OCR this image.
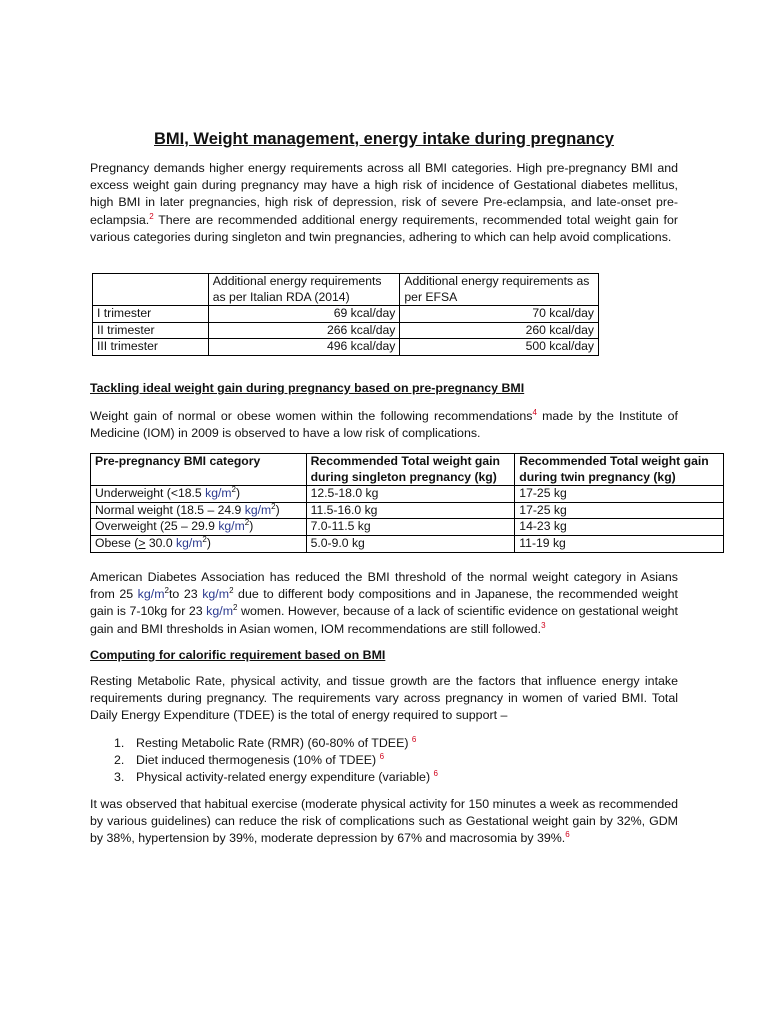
BMI, Weight management, energy intake during pregnancy

Pregnancy demands higher energy requirements across all BMI categories. High pre-pregnancy BMI and excess weight gain during pregnancy may have a high risk of incidence of Gestational diabetes mellitus, high BMI in later pregnancies, high risk of depression, risk of severe Pre-eclampsia, and late-onset pre-eclampsia.$^2$ There are recommended additional energy requirements, recommended total weight gain for various categories during singleton and twin pregnancies, adhering to which can help avoid complications.

	Additional energy requirements as per Italian RDA (2014)	Additional energy requirements as per EFSA
I trimester	69 kcal/day	70 kcal/day
II trimester	266 kcal/day	260 kcal/day
III trimester	496 kcal/day	500 kcal/day

Tackling ideal weight gain during pregnancy based on pre-pregnancy BMI

Weight gain of normal or obese women within the following recommendations$^4$ made by the Institute of Medicine (IOM) in 2009 is observed to have a low risk of complications.

Pre-pregnancy BMI category	Recommended Total weight gain during singleton pregnancy (kg)	Recommended Total weight gain during twin pregnancy (kg)
Underweight (<18.5 $kg/m^2$)	12.5-18.0 kg	17-25 kg
Normal weight (18.5 – 24.9 $kg/m^2$)	11.5-16.0 kg	17-25 kg
Overweight (25 – 29.9 $kg/m^2$)	7.0-11.5 kg	14-23 kg
Obese (> 30.0 $kg/m^2$)	5.0-9.0 kg	11-19 kg

American Diabetes Association has reduced the BMI threshold of the normal weight category in Asians from 25 $kg/m^2to$ 23 $kg/m^2$ due to different body compositions and in Japanese, the recommended weight gain is 7-10kg for 23 $kg/m^2$ women. However, because of a lack of scientific evidence on gestational weight gain and BMI thresholds in Asian women, IOM recommendations are still followed.$^3$

Computing for calorific requirement based on BMI

Resting Metabolic Rate, physical activity, and tissue growth are the factors that influence energy intake requirements during pregnancy. The requirements vary across pregnancy in women of varied BMI. Total Daily Energy Expenditure (TDEE) is the total of energy required to support –

1. Resting Metabolic Rate (RMR) (60-80% of TDEE) $^6$
2. Diet induced thermogenesis (10% of TDEE) $^6$
3. Physical activity-related energy expenditure (variable) $^6$

It was observed that habitual exercise (moderate physical activity for 150 minutes a week as recommended by various guidelines) can reduce the risk of complications such as Gestational weight gain by 32%, GDM by 38%, hypertension by 39%, moderate depression by 67% and macrosomia by 39%.$^6$
